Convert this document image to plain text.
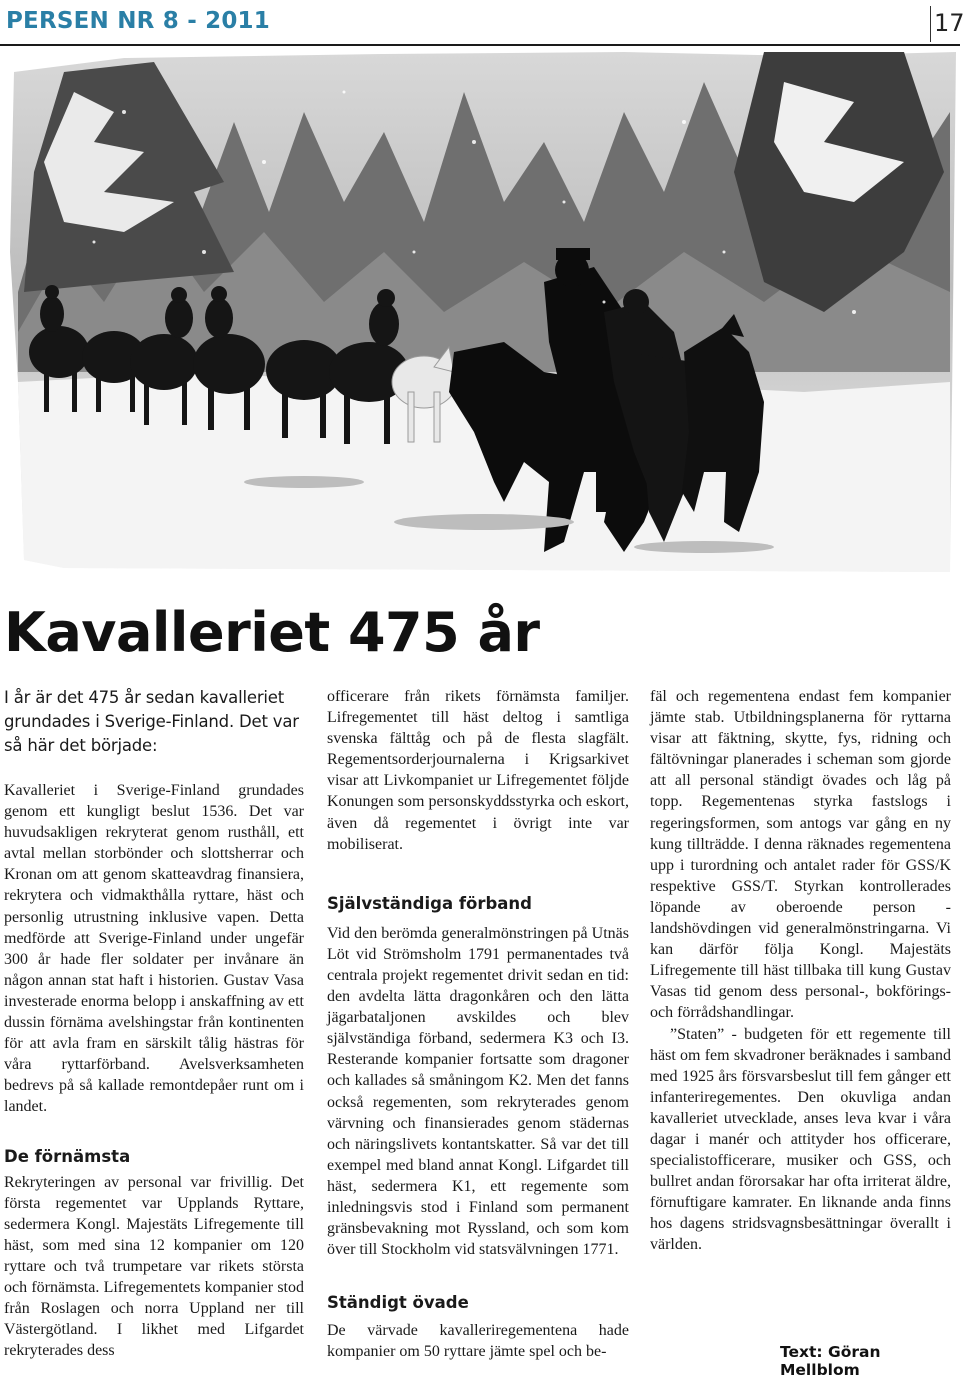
PERSEN NR 8 - 2011	17
Kavalleriet 475 år

I år är det 475 år sedan kavalleriet grundades i Sverige-Finland. Det var så här det började:

Kavalleriet i Sverige-Finland grundades genom ett kungligt beslut 1536. Det var huvudsakligen rekryterat genom rusthåll, ett avtal mellan storbönder och slottsherrar och Kronan om att genom skatteavdrag finansiera, rekrytera och vidmakthålla ryttare, häst och personlig utrustning inklusive vapen. Detta medförde att Sverige-Finland under ungefär 300 år hade fler soldater per invånare än någon annan stat haft i historien. Gustav Vasa investerade enorma belopp i anskaffning av ett dussin förnäma avelshingstar från kontinenten för att avla fram en särskilt tålig hästras för våra ryttarförband. Avelsverksamheten bedrevs på så kallade remontdepåer runt om i landet.

De förnämsta

Rekryteringen av personal var frivillig. Det första regementet var Upplands Ryttare, sedermera Kongl. Majestäts Lifregemente till häst, som med sina 12 kompanier om 120 ryttare och två trumpetare var rikets största och förnämsta. Lifregementets kompanier stod från Roslagen och norra Uppland ner till Västergötland. I likhet med Lifgardet rekryterades dess

officerare från rikets förnämsta familjer. Lifregementet till häst deltog i samtliga svenska fälttåg och på de flesta slagfält. Regementsorderjournalerna i Krigsarkivet visar att Livkompaniet ur Lifregementet följde Konungen som personskyddsstyrka och eskort, även då regementet i övrigt inte var mobiliserat.

Självständiga förband

Vid den berömda generalmönstringen på Utnäs Löt vid Strömsholm 1791 permanentades två centrala projekt regementet drivit sedan en tid: den avdelta lätta dragonkåren och den lätta jägarbataljonen avskildes och blev självständiga förband, sedermera K3 och I3. Resterande kompanier fortsatte som dragoner och kallades så småningom K2. Men det fanns också regementen, som rekryterades genom värvning och finansierades genom städernas och näringslivets kontantskatter. Så var det till exempel med bland annat Kongl. Lifgardet till häst, sedermera K1, ett regemente som inledningsvis stod i Finland som permanent gränsbevakning mot Ryssland, och som kom över till Stockholm vid statsvälvningen 1771.

Ständigt övade

De värvade kavalleriregementena hade kompanier om 50 ryttare jämte spel och be-

fäl och regementena endast fem kompanier jämte stab. Utbildningsplanerna för ryttarna visar att fäktning, skytte, fys, ridning och fältövningar planerades i scheman som gjorde att all personal ständigt övades och låg på topp. Regementenas styrka fastslogs i regeringsformen, som antogs var gång en ny kung tillträdde. I denna räknades regementena upp i turordning och antalet rader för GSS/K respektive GSS/T. Styrkan kontrollerades löpande av oberoende person - landshövdingen vid generalmönstringarna. Vi kan därför följa Kongl. Majestäts Lifregemente till häst tillbaka till kung Gustav Vasas tid genom dess personal-, bokförings- och förrådshandlingar.

”Staten” - budgeten för ett regemente till häst om fem skvadroner beräknades i samband med 1925 års försvarsbeslut till fem gånger ett infanteriregementes. Den okuvliga andan kavalleriet utvecklade, anses leva kvar i våra dagar i manér och attityder hos officerare, specialistofficerare, musiker och GSS, och bullret andan förorsakar har ofta irriterat äldre, förnuftigare kamrater. En liknande anda finns hos dagens stridsvagnsbesättningar överallt i världen.

Text: Göran Mellblom
